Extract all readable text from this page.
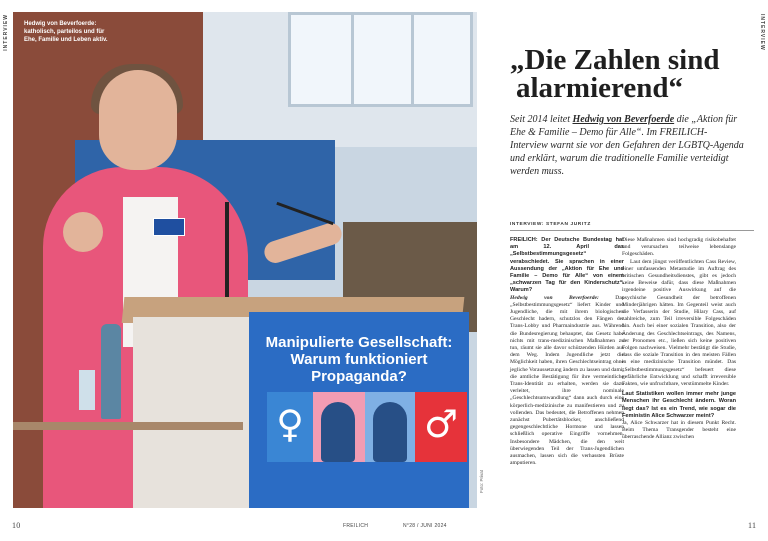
INTERVIEW	INTERVIEW
Manipulierte Gesellschaft:
Warum funktioniert Propaganda?
♀	♂
Hedwig von Beverfoerde: katholisch, parteilos und für Ehe, Familie und Leben aktiv.
Foto: Privat
„Die Zahlen sind
alarmierend“
Seit 2014 leitet Hedwig von Beverfoerde die „Aktion für Ehe & Familie – Demo für Alle“. Im FREILICH-Interview warnt sie vor den Gefahren der LGBTQ-Agenda und erklärt, warum die traditionelle Familie verteidigt werden muss.
INTERVIEW: STEFAN JURITZ

FREILICH: Der Deutsche Bundestag hat am 12. April das „Selbstbestimmungsgesetz“ verabschiedet. Sie sprachen in einer Aussendung der „Aktion für Ehe und Familie – Demo für Alle“ von einem „schwarzen Tag für den Kinderschutz“. Warum?

Hedwig von Beverfoerde: Das „Selbstbestimmungsgesetz“ liefert Kinder und Jugendliche, die mit ihrem biologischen Geschlecht hadern, schutzlos den Fängen der Trans-Lobby und Pharmaindustrie aus. Während die Bundesregierung behauptet, das Gesetz habe nichts mit trans-medizinischen Maßnahmen zu tun, räumt sie alle davor schützenden Hürden aus dem Weg. Indem Jugendliche jetzt die Möglichkeit haben, ihren Geschlechtseintrag ohne jegliche Voraussetzung ändern zu lassen und damit die amtliche Bestätigung für ihre vermeintliche Trans-Identität zu erhalten, werden sie dazu verleitet, ihre nominale „Geschlechtsumwandlung“ dann auch durch eine körperlich-medizinische zu manifestieren und zu vollenden. Das bedeutet, die Betroffenen nehmen zunächst Pubertätsblocker, anschließend gegengeschlechtliche Hormone und lassen schließlich operative Eingriffe vornehmen. Insbesondere Mädchen, die den weit überwiegenden Teil der Trans-Jugendlichen ausmachen, lassen sich die verhassten Brüste amputieren.

Diese Maßnahmen sind hochgradig risikobehaftet und verursachen teilweise lebenslange Folgeschäden.

Laut dem jüngst veröffentlichten Cass Review, einer umfassenden Metastudie im Auftrag des britischen Gesundheitsdienstes, gibt es jedoch keine Beweise dafür, dass diese Maßnahmen irgendeine positive Auswirkung auf die psychische Gesundheit der betroffenen Minderjährigen hätten. Im Gegenteil weist auch die Verfasserin der Studie, Hilary Cass, auf zahlreiche, zum Teil irreversible Folgeschäden hin. Auch bei einer sozialen Transition, also der Änderung des Geschlechtseintrags, des Namens, der Pronomen etc., ließen sich keine positiven Folgen nachweisen. Vielmehr bestätigt die Studie, dass die soziale Transition in den meisten Fällen in eine medizinische Transition mündet. Das „Selbstbestimmungsgesetz“ befeuert diese gefährliche Entwicklung und schafft irreversible Fakten, wie unfruchtbare, verstümmelte Kinder.

Laut Statistiken wollen immer mehr junge Menschen ihr Geschlecht ändern. Woran liegt das? Ist es ein Trend, wie sogar die Feministin Alice Schwarzer meint?

Ja, Alice Schwarzer hat in diesem Punkt Recht. Beim Thema Transgender besteht eine überraschende Allianz zwischen

10	FREILICH	N°28 / JUNI 2024	11
